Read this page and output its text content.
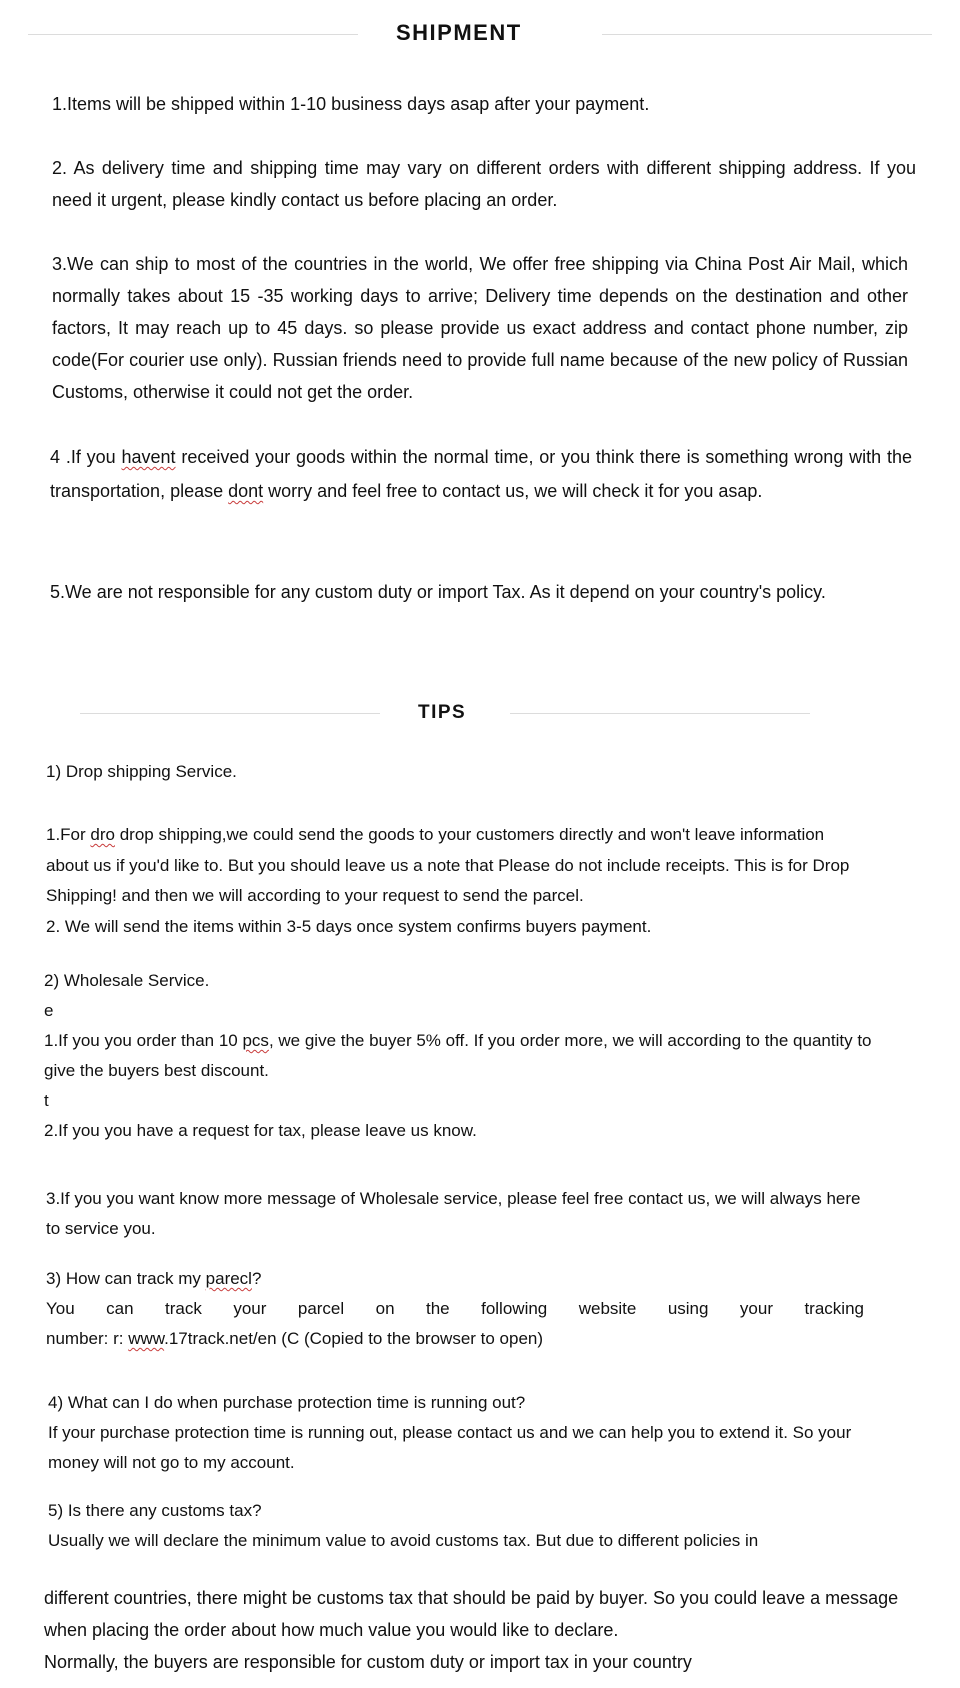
SHIPMENT

1.Items will be shipped within 1-10 business days asap after your payment.

2. As delivery time and shipping time may vary on different orders with different shipping address. If you need it urgent, please kindly contact us before placing an order.

3.We can ship to most of the countries in the world, We offer free shipping via China Post Air Mail, which normally takes about 15 -35 working days to arrive; Delivery time depends on the destination and other factors, It may reach up to 45 days. so please provide us exact address and contact phone number, zip code(For courier use only). Russian friends need to provide full name because of the new policy of Russian Customs, otherwise it could not get the order.

4 .If you havent received your goods within the normal time, or you think there is something wrong with the transportation, please dont worry and feel free to contact us, we will check it for you asap.

5.We are not responsible for any custom duty or import Tax. As it depend on your country's policy.

TIPS

1) Drop shipping Service.

1.For dro drop shipping,we could send the goods to your customers directly and won't leave information about us if you'd like to. But you should leave us a note that Please do not include receipts. This is for Drop Shipping! and then we will according to your request to send the parcel.

2. We will send the items within 3-5 days once system confirms buyers payment.

2) Wholesale Service.

e

1.If you you order than 10 pcs, we give the buyer 5% off. If you order more, we will according to the quantity to give the buyers best discount.

t

2.If you you have a request for tax, please leave us know.

3.If you you want know more message of Wholesale service, please feel free contact us, we will always here to service you.

3) How can track my parecl?

You can track your parcel on the following website using your tracking
number: r: www.17track.net/en (C (Copied to the browser to open)

4) What can I do when purchase protection time is running out?

If your purchase protection time is running out, please contact us and we can help you to extend it. So your money will not go to my account.

5) Is there any customs tax?

Usually we will declare the minimum value to avoid customs tax. But due to different policies in

different countries, there might be customs tax that should be paid by buyer. So you could leave a message when placing the order about how much value you would like to declare.

Normally, the buyers are responsible for custom duty or import tax in your country
